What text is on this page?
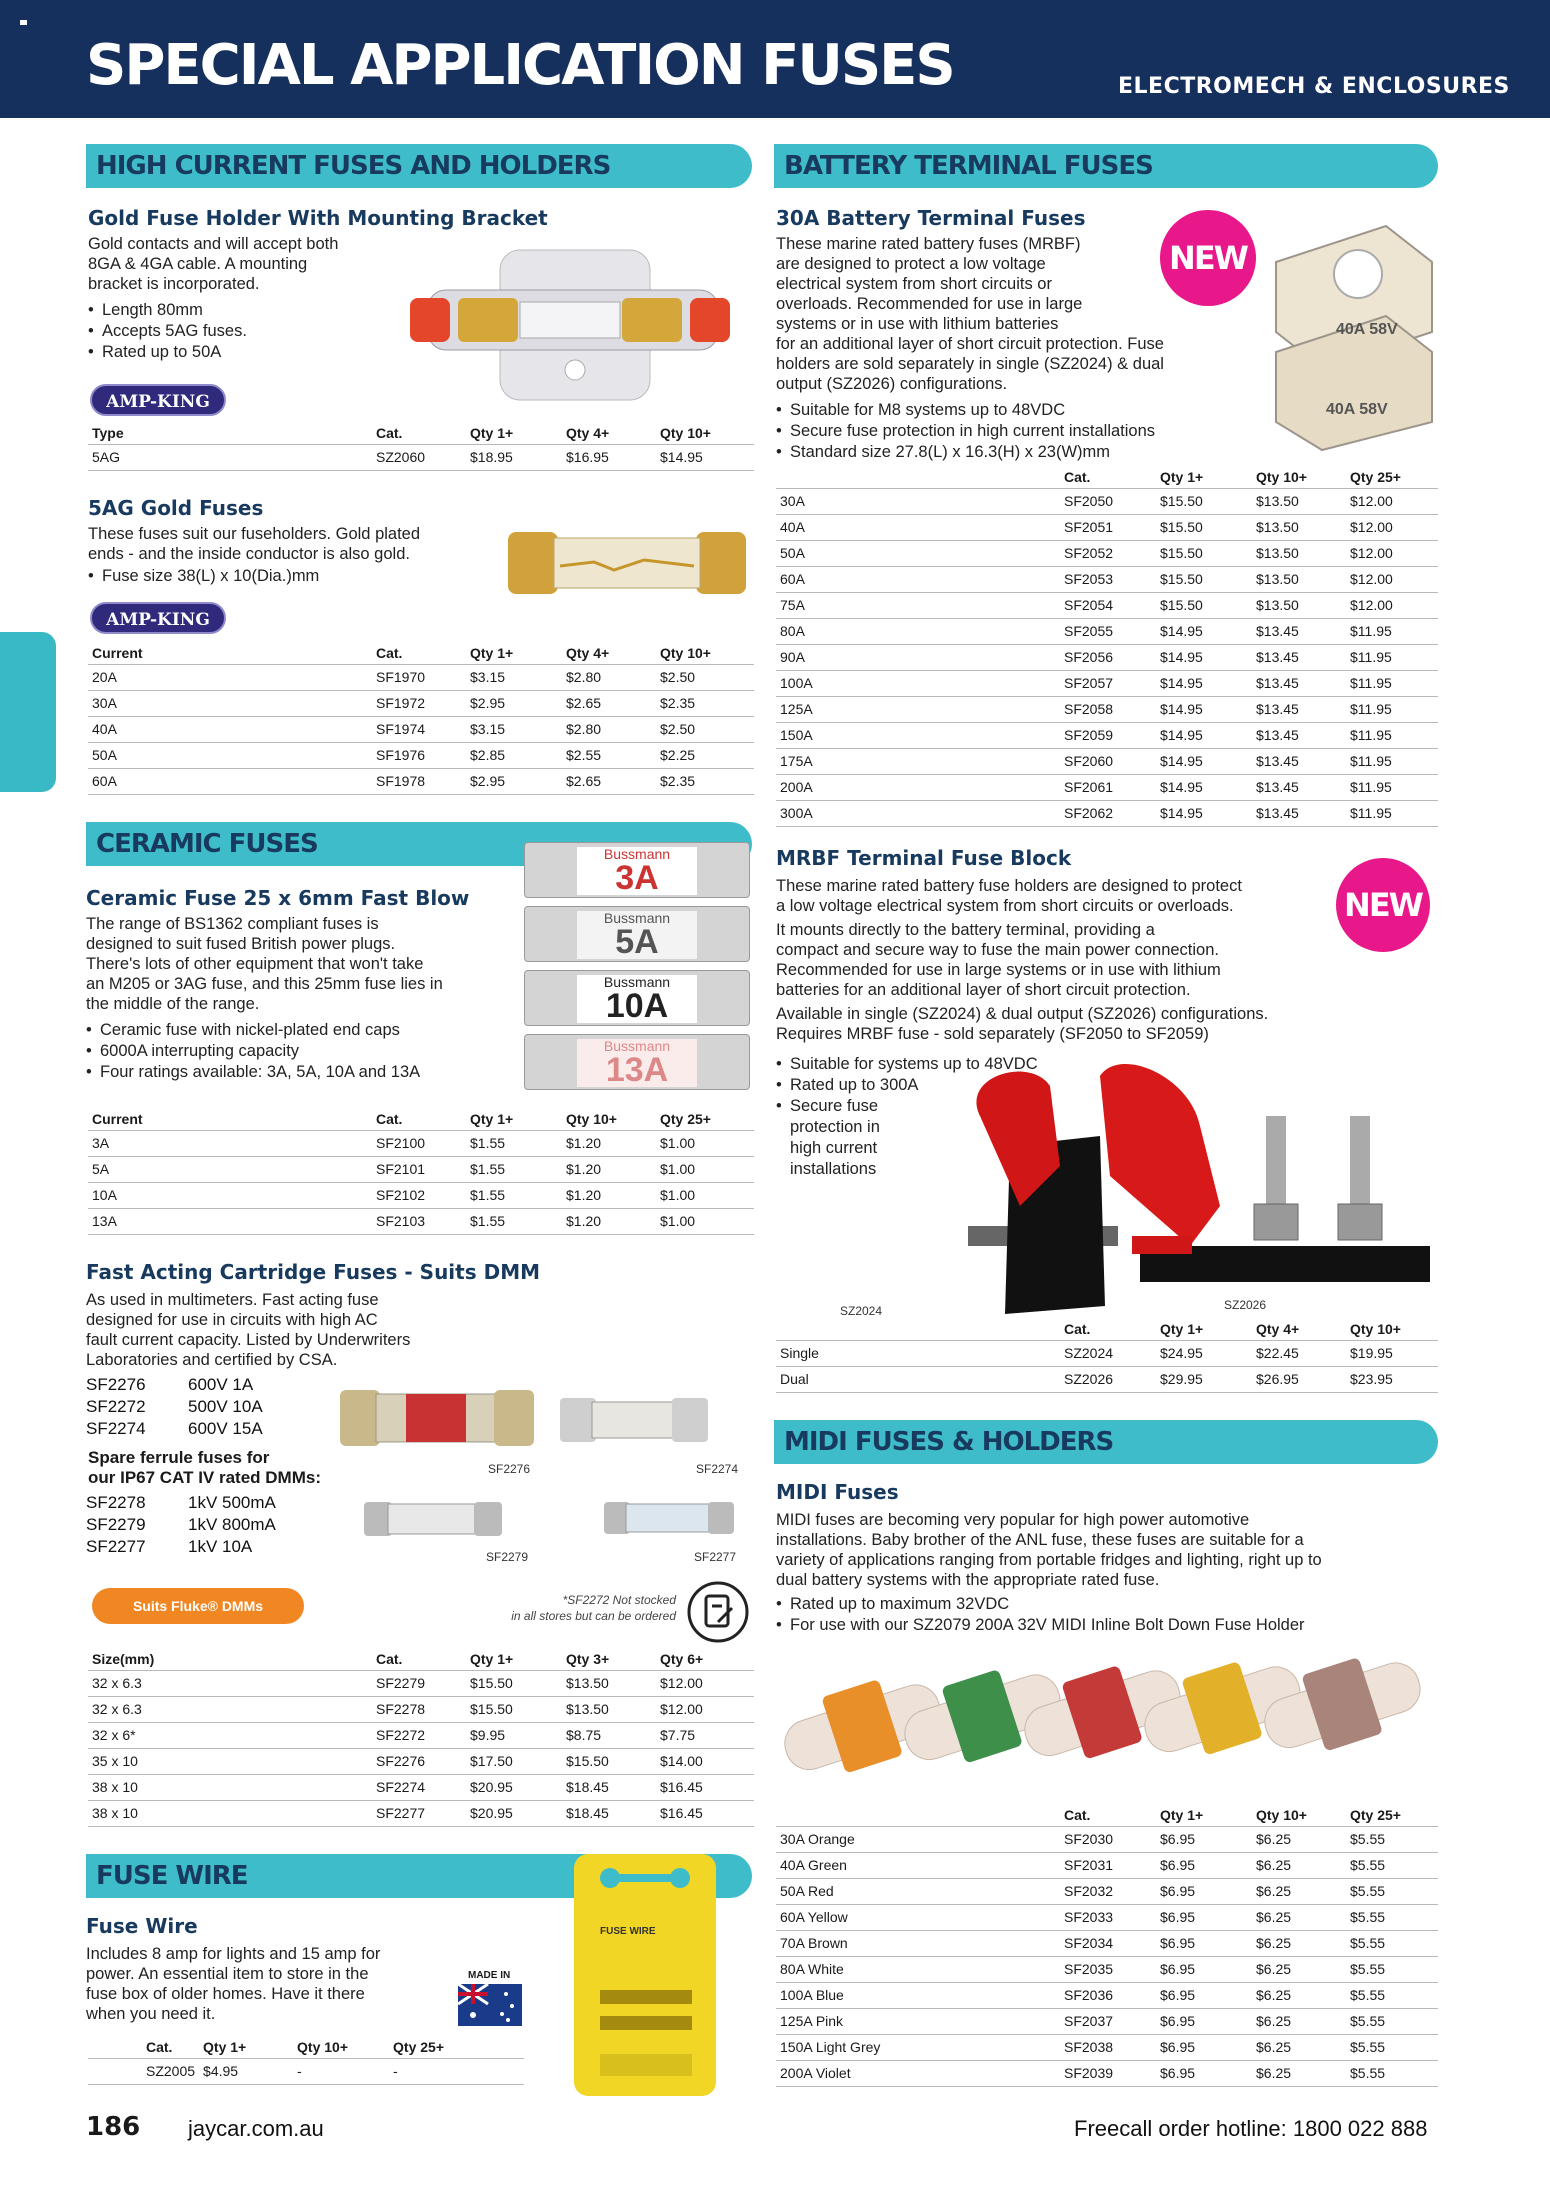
SPECIAL APPLICATION FUSES	ELECTROMECH & ENCLOSURES
HIGH CURRENT FUSES AND HOLDERS
Gold Fuse Holder With Mounting Bracket
Gold contacts and will accept both
8GA & 4GA cable. A mounting
bracket is incorporated.
• Length 80mm
• Accepts 5AG fuses.
• Rated up to 50A
AMP-KING
Type	Cat.	Qty 1+	Qty 4+	Qty 10+
5AG	SZ2060	$18.95	$16.95	$14.95
5AG Gold Fuses
These fuses suit our fuseholders. Gold plated
ends - and the inside conductor is also gold.
• Fuse size 38(L) x 10(Dia.)mm
AMP-KING
Current	Cat.	Qty 1+	Qty 4+	Qty 10+
20A	SF1970	$3.15	$2.80	$2.50
30A	SF1972	$2.95	$2.65	$2.35
40A	SF1974	$3.15	$2.80	$2.50
50A	SF1976	$2.85	$2.55	$2.25
60A	SF1978	$2.95	$2.65	$2.35
CERAMIC FUSES	Bussmann
3A
Bussmann
5A
Bussmann
10A
Bussmann
13A
Ceramic Fuse 25 x 6mm Fast Blow
The range of BS1362 compliant fuses is
designed to suit fused British power plugs.
There's lots of other equipment that won't take
an M205 or 3AG fuse, and this 25mm fuse lies in
the middle of the range.
• Ceramic fuse with nickel-plated end caps
• 6000A interrupting capacity
• Four ratings available: 3A, 5A, 10A and 13A
Current	Cat.	Qty 1+	Qty 10+	Qty 25+
3A	SF2100	$1.55	$1.20	$1.00
5A	SF2101	$1.55	$1.20	$1.00
10A	SF2102	$1.55	$1.20	$1.00
13A	SF2103	$1.55	$1.20	$1.00
Fast Acting Cartridge Fuses - Suits DMM
As used in multimeters. Fast acting fuse
designed for use in circuits with high AC
fault current capacity. Listed by Underwriters
Laboratories and certified by CSA.
SF2276 600V 1A
SF2272 500V 10A
SF2274 600V 15A
Spare ferrule fuses for
our IP67 CAT IV rated DMMs:
SF2278 1kV 500mA
SF2279 1kV 800mA
SF2277 1kV 10A
SF2276	SF2274
SF2279	SF2277
Suits Fluke® DMMs	*SF2272 Not stocked
in all stores but can be ordered
Size(mm)	Cat.	Qty 1+	Qty 3+	Qty 6+
32 x 6.3	SF2279	$15.50	$13.50	$12.00
32 x 6.3	SF2278	$15.50	$13.50	$12.00
32 x 6*	SF2272	$9.95	$8.75	$7.75
35 x 10	SF2276	$17.50	$15.50	$14.00
38 x 10	SF2274	$20.95	$18.45	$16.45
38 x 10	SF2277	$20.95	$18.45	$16.45
FUSE WIRE
FUSE WIRE
Fuse Wire
Includes 8 amp for lights and 15 amp for
power. An essential item to store in the
fuse box of older homes. Have it there
when you need it.
MADE IN
Cat.	Qty 1+	Qty 10+	Qty 25+
SZ2005	$4.95	-	-
BATTERY TERMINAL FUSES
30A Battery Terminal Fuses
NEW
40A 58V
40A 58V
These marine rated battery fuses (MRBF)
are designed to protect a low voltage
electrical system from short circuits or
overloads. Recommended for use in large
systems or in use with lithium batteries
for an additional layer of short circuit protection. Fuse
holders are sold separately in single (SZ2024) & dual
output (SZ2026) configurations.
• Suitable for M8 systems up to 48VDC
• Secure fuse protection in high current installations
• Standard size 27.8(L) x 16.3(H) x 23(W)mm
	Cat.	Qty 1+	Qty 10+	Qty 25+
30A	SF2050	$15.50	$13.50	$12.00
40A	SF2051	$15.50	$13.50	$12.00
50A	SF2052	$15.50	$13.50	$12.00
60A	SF2053	$15.50	$13.50	$12.00
75A	SF2054	$15.50	$13.50	$12.00
80A	SF2055	$14.95	$13.45	$11.95
90A	SF2056	$14.95	$13.45	$11.95
100A	SF2057	$14.95	$13.45	$11.95
125A	SF2058	$14.95	$13.45	$11.95
150A	SF2059	$14.95	$13.45	$11.95
175A	SF2060	$14.95	$13.45	$11.95
200A	SF2061	$14.95	$13.45	$11.95
300A	SF2062	$14.95	$13.45	$11.95
MRBF Terminal Fuse Block
NEW
These marine rated battery fuse holders are designed to protect
a low voltage electrical system from short circuits or overloads.
It mounts directly to the battery terminal, providing a
compact and secure way to fuse the main power connection.
Recommended for use in large systems or in use with lithium
batteries for an additional layer of short circuit protection.
Available in single (SZ2024) & dual output (SZ2026) configurations.
Requires MRBF fuse - sold separately (SF2050 to SF2059)
• Suitable for systems up to 48VDC
• Rated up to 300A
• Secure fuse protection in high current installations
SZ2024	SZ2026
	Cat.	Qty 1+	Qty 4+	Qty 10+
Single	SZ2024	$24.95	$22.45	$19.95
Dual	SZ2026	$29.95	$26.95	$23.95
MIDI FUSES & HOLDERS
MIDI Fuses
MIDI fuses are becoming very popular for high power automotive
installations. Baby brother of the ANL fuse, these fuses are suitable for a
variety of applications ranging from portable fridges and lighting, right up to
dual battery systems with the appropriate rated fuse.
• Rated up to maximum 32VDC
• For use with our SZ2079 200A 32V MIDI Inline Bolt Down Fuse Holder
	Cat.	Qty 1+	Qty 10+	Qty 25+
30A Orange	SF2030	$6.95	$6.25	$5.55
40A Green	SF2031	$6.95	$6.25	$5.55
50A Red	SF2032	$6.95	$6.25	$5.55
60A Yellow	SF2033	$6.95	$6.25	$5.55
70A Brown	SF2034	$6.95	$6.25	$5.55
80A White	SF2035	$6.95	$6.25	$5.55
100A Blue	SF2036	$6.95	$6.25	$5.55
125A Pink	SF2037	$6.95	$6.25	$5.55
150A Light Grey	SF2038	$6.95	$6.25	$5.55
200A Violet	SF2039	$6.95	$6.25	$5.55
186 jaycar.com.au	Freecall order hotline: 1800 022 888
